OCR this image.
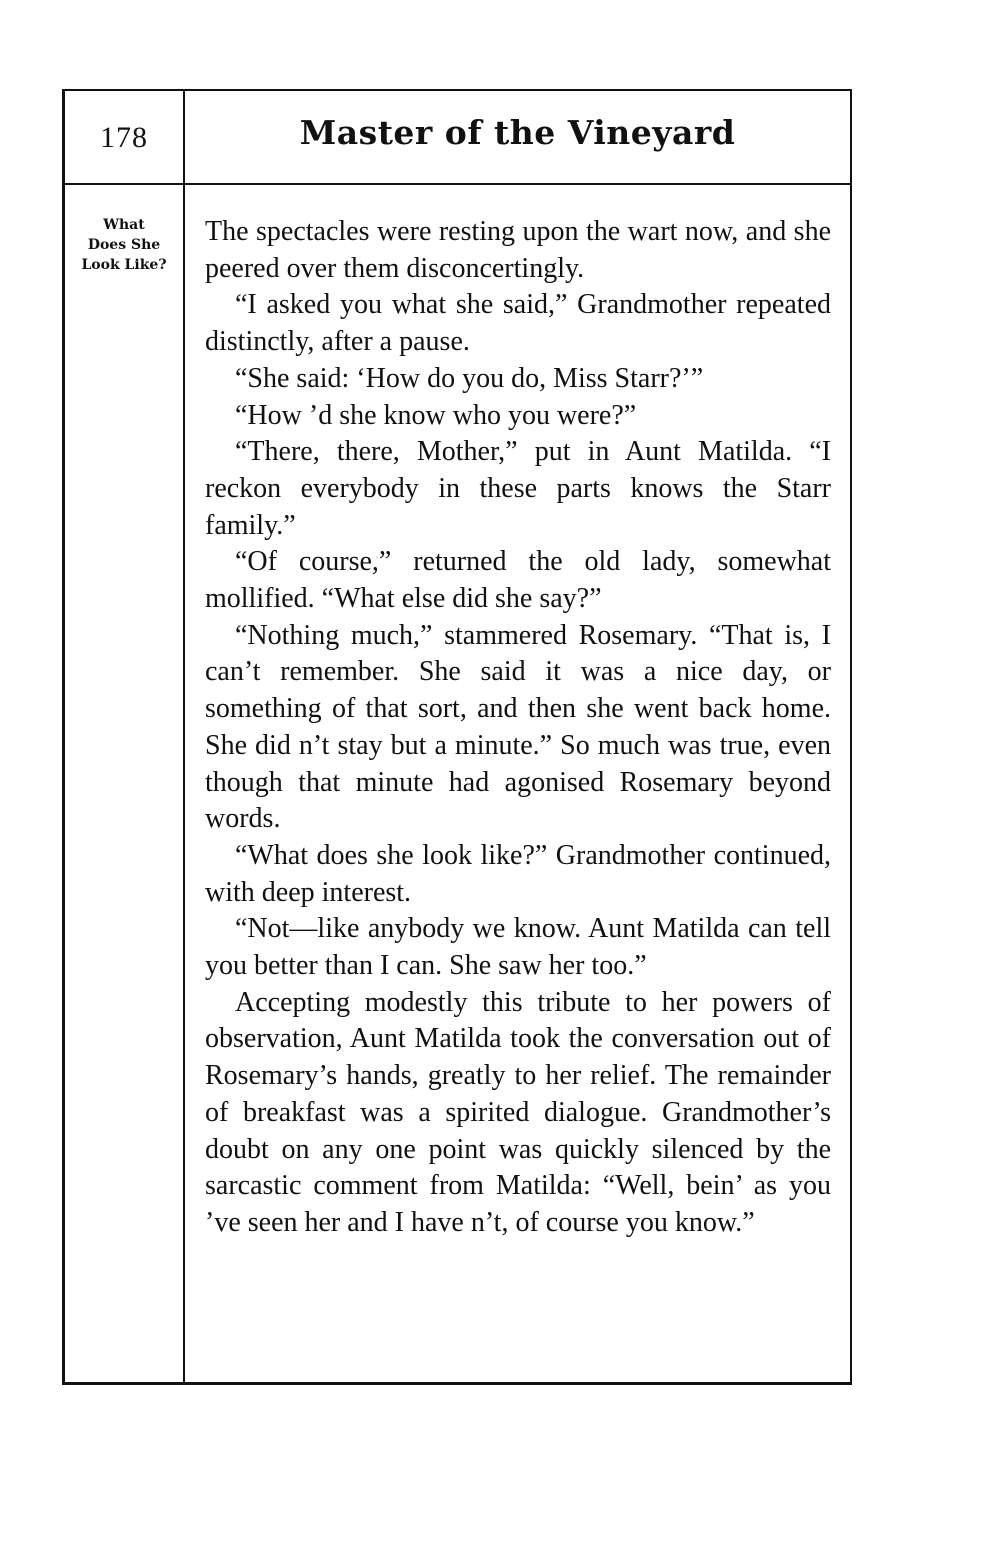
178	Master of the Vineyard
What
Does She
Look Like?

The spectacles were resting upon the wart now, and she peered over them disconcertingly.

“I asked you what she said,” Grandmother repeated distinctly, after a pause.

“She said: ‘How do you do, Miss Starr?’”

“How ’d she know who you were?”

“There, there, Mother,” put in Aunt Matilda. “I reckon everybody in these parts knows the Starr family.”

“Of course,” returned the old lady, somewhat mollified. “What else did she say?”

“Nothing much,” stammered Rosemary. “That is, I can’t remember. She said it was a nice day, or something of that sort, and then she went back home. She did n’t stay but a minute.” So much was true, even though that minute had agonised Rosemary beyond words.

“What does she look like?” Grandmother continued, with deep interest.

“Not—like anybody we know. Aunt Matilda can tell you better than I can. She saw her too.”

Accepting modestly this tribute to her powers of observation, Aunt Matilda took the conversation out of Rosemary’s hands, greatly to her relief. The remainder of breakfast was a spirited dialogue. Grandmother’s doubt on any one point was quickly silenced by the sarcastic comment from Matilda: “Well, bein’ as you ’ve seen her and I have n’t, of course you know.”
